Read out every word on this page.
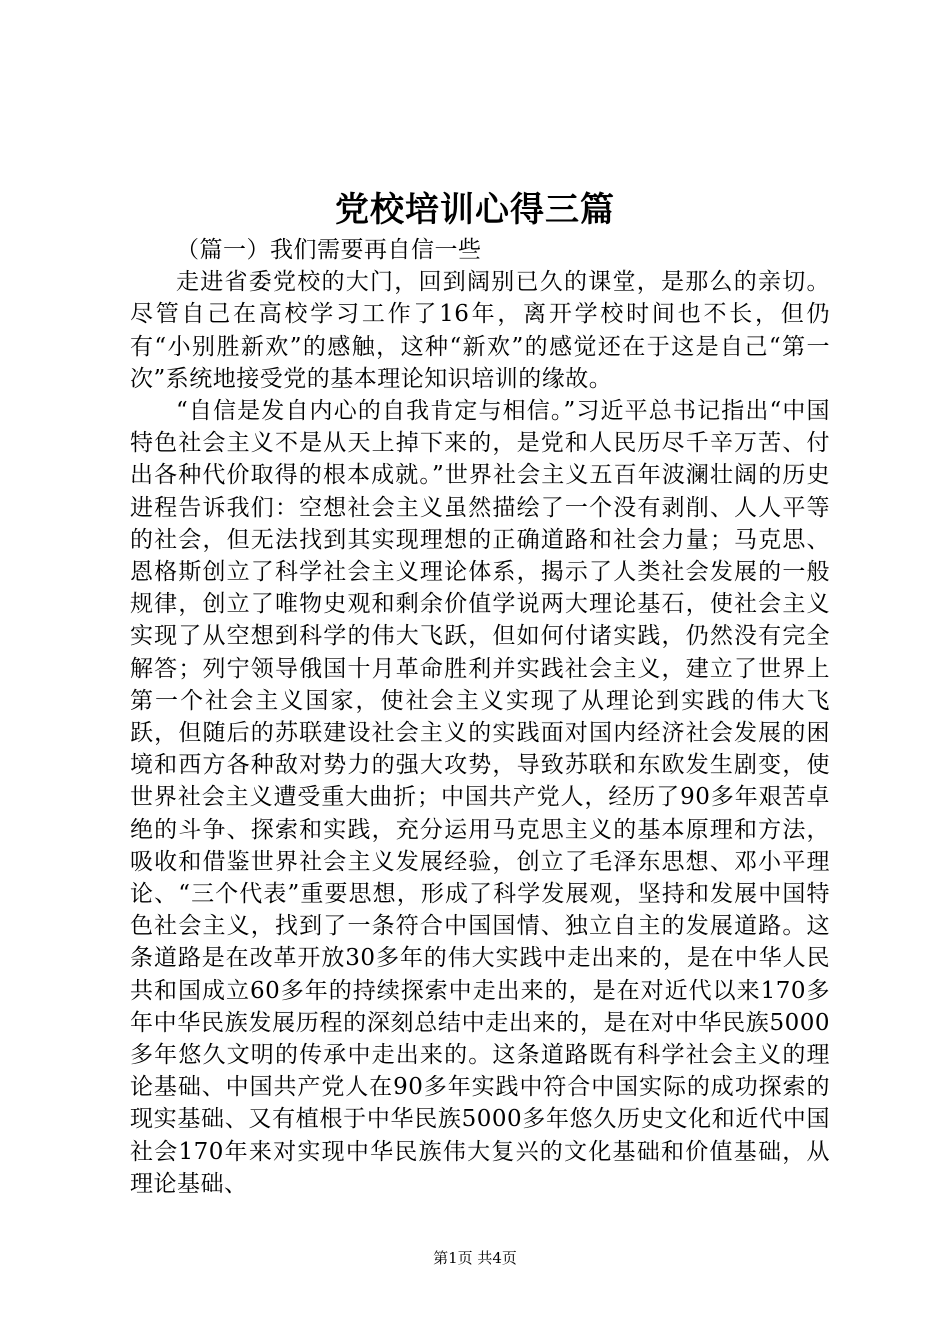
党校培训心得三篇

（篇一）我们需要再自信一些

走进省委党校的大门，回到阔别已久的课堂，是那么的亲切。尽管自己在高校学习工作了16年，离开学校时间也不长，但仍有“小别胜新欢”的感触，这种“新欢”的感觉还在于这是自己“第一次”系统地接受党的基本理论知识培训的缘故。

“自信是发自内心的自我肯定与相信。”习近平总书记指出“中国特色社会主义不是从天上掉下来的，是党和人民历尽千辛万苦、付出各种代价取得的根本成就。”世界社会主义五百年波澜壮阔的历史进程告诉我们：空想社会主义虽然描绘了一个没有剥削、人人平等的社会，但无法找到其实现理想的正确道路和社会力量；马克思、恩格斯创立了科学社会主义理论体系，揭示了人类社会发展的一般规律，创立了唯物史观和剩余价值学说两大理论基石，使社会主义实现了从空想到科学的伟大飞跃，但如何付诸实践，仍然没有完全解答；列宁领导俄国十月革命胜利并实践社会主义，建立了世界上第一个社会主义国家，使社会主义实现了从理论到实践的伟大飞跃，但随后的苏联建设社会主义的实践面对国内经济社会发展的困境和西方各种敌对势力的强大攻势，导致苏联和东欧发生剧变，使世界社会主义遭受重大曲折；中国共产党人，经历了90多年艰苦卓绝的斗争、探索和实践，充分运用马克思主义的基本原理和方法，吸收和借鉴世界社会主义发展经验，创立了毛泽东思想、邓小平理论、“三个代表”重要思想，形成了科学发展观，坚持和发展中国特色社会主义，找到了一条符合中国国情、独立自主的发展道路。这条道路是在改革开放30多年的伟大实践中走出来的，是在中华人民共和国成立60多年的持续探索中走出来的，是在对近代以来170多年中华民族发展历程的深刻总结中走出来的，是在对中华民族5000多年悠久文明的传承中走出来的。这条道路既有科学社会主义的理论基础、中国共产党人在90多年实践中符合中国实际的成功探索的现实基础、又有植根于中华民族5000多年悠久历史文化和近代中国社会170年来对实现中华民族伟大复兴的文化基础和价值基础，从理论基础、

第1页 共4页
